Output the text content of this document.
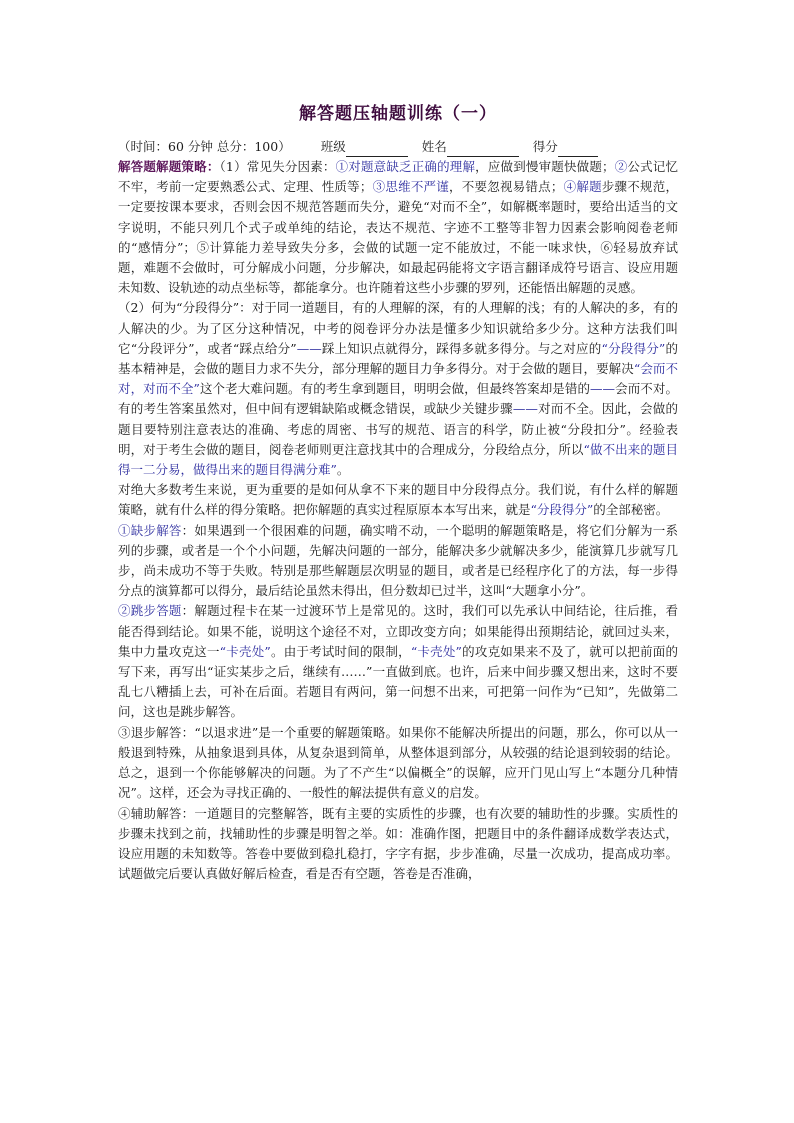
解答题压轴题训练（一）
（时间：60 分钟 总分：100） 班级	姓名	得分

解答题解题策略：（1）常见失分因素：①对题意缺乏正确的理解，应做到慢审题快做题；②公式记忆不牢，考前一定要熟悉公式、定理、性质等；③思维不严谨，不要忽视易错点；④解题步骤不规范，一定要按课本要求，否则会因不规范答题而失分，避免“对而不全”，如解概率题时，要给出适当的文字说明，不能只列几个式子或单纯的结论，表达不规范、字迹不工整等非智力因素会影响阅卷老师的“感情分”；⑤计算能力差导致失分多，会做的试题一定不能放过，不能一味求快，⑥轻易放弃试题，难题不会做时，可分解成小问题，分步解决，如最起码能将文字语言翻译成符号语言、设应用题未知数、设轨迹的动点坐标等，都能拿分。也许随着这些小步骤的罗列，还能悟出解题的灵感。

（2）何为“分段得分”：对于同一道题目，有的人理解的深，有的人理解的浅；有的人解决的多，有的人解决的少。为了区分这种情况，中考的阅卷评分办法是懂多少知识就给多少分。这种方法我们叫它“分段评分”，或者“踩点给分”——踩上知识点就得分，踩得多就多得分。与之对应的“分段得分”的基本精神是，会做的题目力求不失分，部分理解的题目力争多得分。对于会做的题目，要解决“会而不对，对而不全”这个老大难问题。有的考生拿到题目，明明会做，但最终答案却是错的——会而不对。有的考生答案虽然对，但中间有逻辑缺陷或概念错误，或缺少关键步骤——对而不全。因此，会做的题目要特别注意表达的准确、考虑的周密、书写的规范、语言的科学，防止被“分段扣分”。经验表明，对于考生会做的题目，阅卷老师则更注意找其中的合理成分，分段给点分，所以“做不出来的题目得一二分易，做得出来的题目得满分难”。

对绝大多数考生来说，更为重要的是如何从拿不下来的题目中分段得点分。我们说，有什么样的解题策略，就有什么样的得分策略。把你解题的真实过程原原本本写出来，就是“分段得分”的全部秘密。

①缺步解答：如果遇到一个很困难的问题，确实啃不动，一个聪明的解题策略是，将它们分解为一系列的步骤，或者是一个个小问题，先解决问题的一部分，能解决多少就解决多少，能演算几步就写几步，尚未成功不等于失败。特别是那些解题层次明显的题目，或者是已经程序化了的方法，每一步得分点的演算都可以得分，最后结论虽然未得出，但分数却已过半，这叫“大题拿小分”。

②跳步答题：解题过程卡在某一过渡环节上是常见的。这时，我们可以先承认中间结论，往后推，看能否得到结论。如果不能，说明这个途径不对，立即改变方向；如果能得出预期结论，就回过头来，集中力量攻克这一“卡壳处”。由于考试时间的限制，“卡壳处”的攻克如果来不及了，就可以把前面的写下来，再写出“证实某步之后，继续有……”一直做到底。也许，后来中间步骤又想出来，这时不要乱七八糟插上去，可补在后面。若题目有两问，第一问想不出来，可把第一问作为“已知”，先做第二问，这也是跳步解答。

③退步解答：“以退求进”是一个重要的解题策略。如果你不能解决所提出的问题，那么，你可以从一般退到特殊，从抽象退到具体，从复杂退到简单，从整体退到部分，从较强的结论退到较弱的结论。总之，退到一个你能够解决的问题。为了不产生“以偏概全”的误解，应开门见山写上“本题分几种情况”。这样，还会为寻找正确的、一般性的解法提供有意义的启发。

④辅助解答：一道题目的完整解答，既有主要的实质性的步骤，也有次要的辅助性的步骤。实质性的步骤未找到之前，找辅助性的步骤是明智之举。如：准确作图，把题目中的条件翻译成数学表达式，设应用题的未知数等。答卷中要做到稳扎稳打，字字有据，步步准确，尽量一次成功，提高成功率。试题做完后要认真做好解后检查，看是否有空题，答卷是否准确，
